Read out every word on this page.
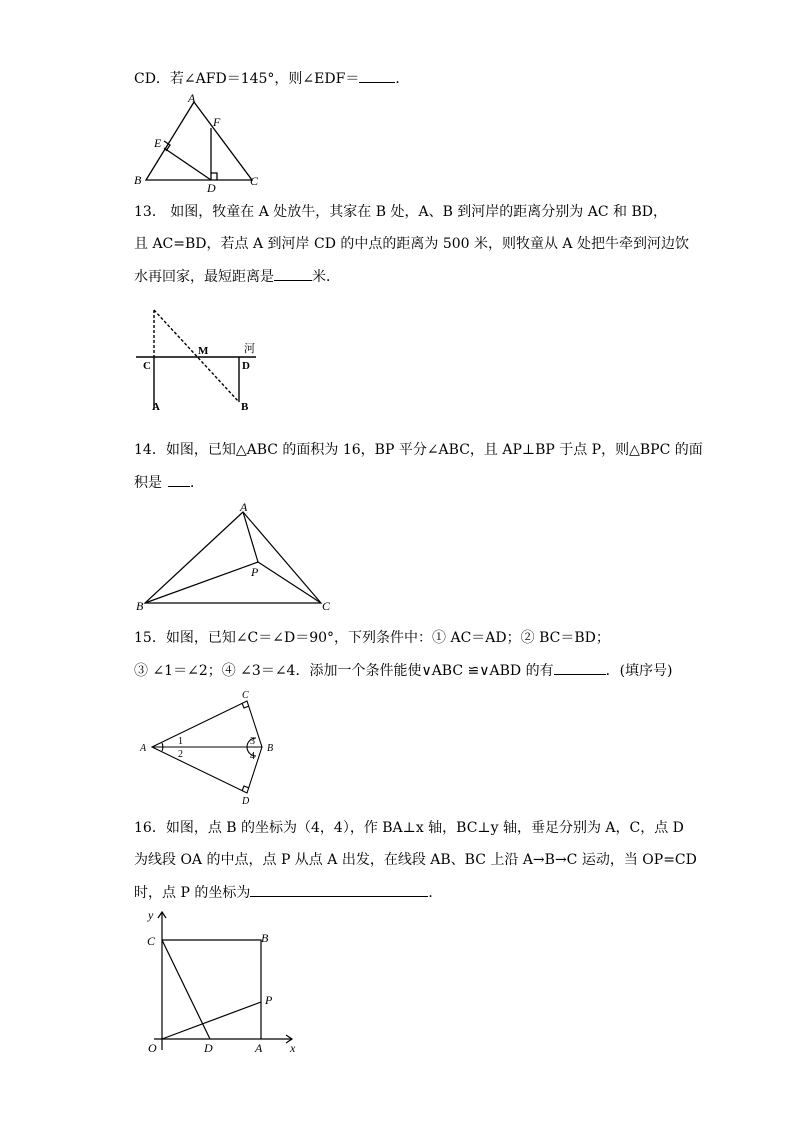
CD．若∠AFD＝145°，则∠EDF＝	．
A
E
F
B
D	C
13． 如图，牧童在 A 处放牛，其家在 B 处，A、B 到河岸的距离分别为 AC 和 BD，
且 AC=BD，若点 A 到河岸 CD 的中点的距离为 500 米，则牧童从 A 处把牛牵到河边饮
水再回家，最短距离是	米．
C
M	河
D
A	B
14．如图，已知△ABC 的面积为 16，BP 平分∠ABC，且 AP⊥BP 于点 P，则△BPC 的面
积是 ．
A
P
B	C
15．如图，已知∠C＝∠D＝90°，下列条件中：① AC＝AD；② BC＝BD；
③ ∠1＝∠2；④ ∠3＝∠4．添加一个条件能使∨ABC ≌∨ABD 的有	．(填序号)
C
A
1
2
3
4
B
D
16．如图，点 B 的坐标为（4，4），作 BA⊥x 轴，BC⊥y 轴，垂足分别为 A，C，点 D
为线段 OA 的中点，点 P 从点 A 出发，在线段 AB、BC 上沿 A→B→C 运动，当 OP=CD
时，点 P 的坐标为	．
y
C	B
P
O	D	A x
